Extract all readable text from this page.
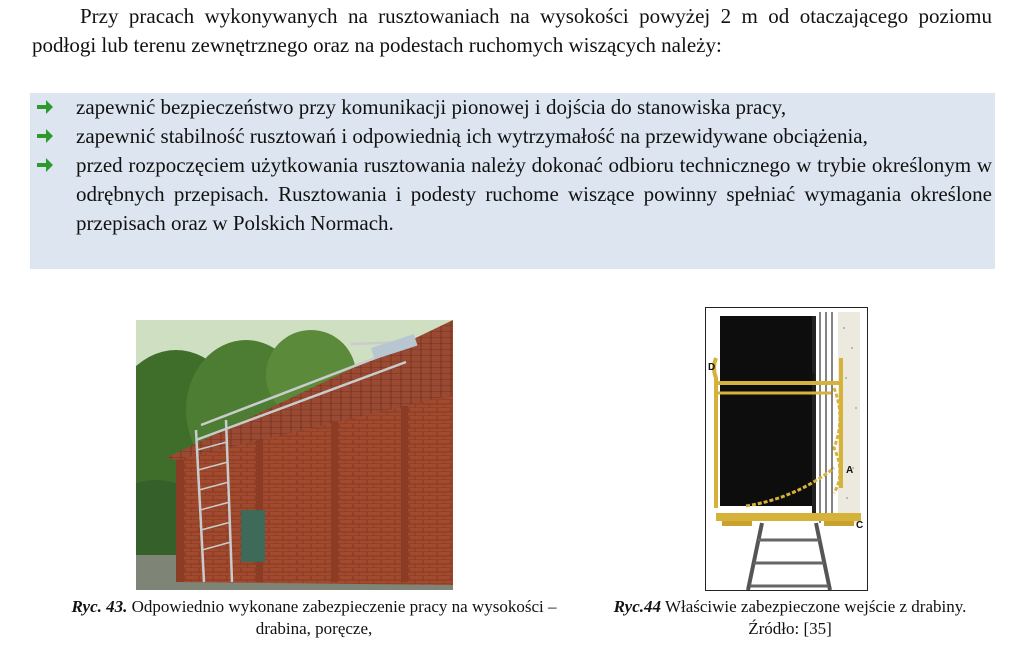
Przy pracach wykonywanych na rusztowaniach na wysokości powyżej 2 m od otaczającego poziomu podłogi lub terenu zewnętrznego oraz na podestach ruchomych wiszących należy:

zapewnić bezpieczeństwo przy komunikacji pionowej i dojścia do stanowiska pracy,
zapewnić stabilność rusztowań i odpowiednią ich wytrzymałość na przewidywane obciążenia,
przed rozpoczęciem użytkowania rusztowania należy dokonać odbioru technicznego w trybie określonym w odrębnych przepisach. Rusztowania i podesty ruchome wiszące powinny spełniać wymagania określone przepisach oraz w Polskich Normach.
D
B
A
C

Ryc. 43. Odpowiednio wykonane zabezpieczenie pracy na wysokości – drabina, poręcze,

Ryc.44 Właściwie zabezpieczone wejście z drabiny. Źródło: [35]
